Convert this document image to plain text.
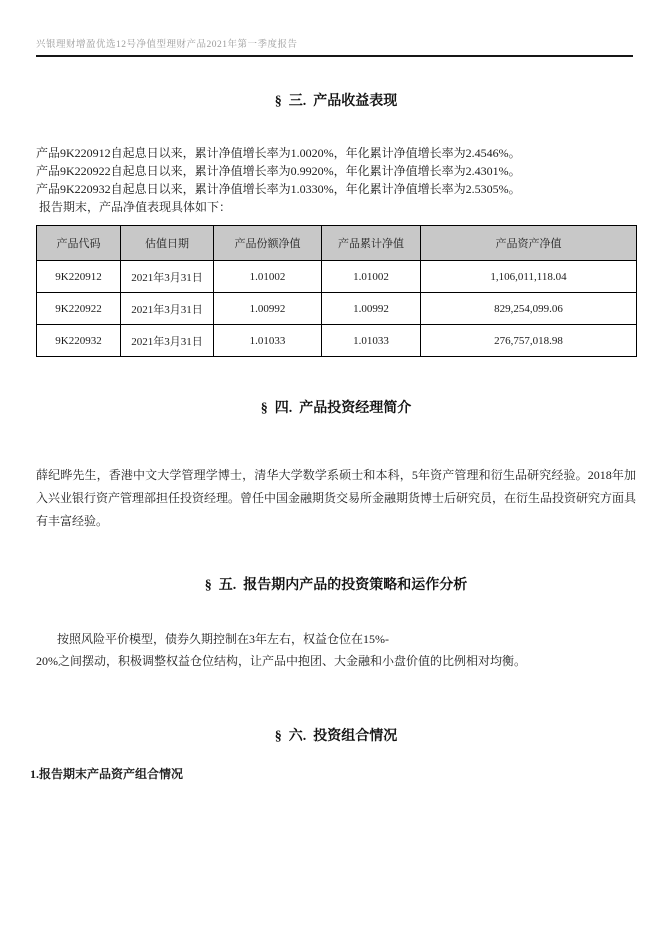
兴银理财增盈优选12号净值型理财产品2021年第一季度报告
§  三.  产品收益表现
产品9K220912自起息日以来，累计净值增长率为1.0020%，年化累计净值增长率为2.4546%。
产品9K220922自起息日以来，累计净值增长率为0.9920%，年化累计净值增长率为2.4301%。
产品9K220932自起息日以来，累计净值增长率为1.0330%，年化累计净值增长率为2.5305%。
报告期末，产品净值表现具体如下：
产品代码	估值日期	产品份额净值	产品累计净值	产品资产净值
9K220912	2021年3月31日	1.01002	1.01002	1,106,011,118.04
9K220922	2021年3月31日	1.00992	1.00992	829,254,099.06
9K220932	2021年3月31日	1.01033	1.01033	276,757,018.98
§  四.  产品投资经理简介
薛纪晔先生，香港中文大学管理学博士，清华大学数学系硕士和本科，5年资产管理和衍生品研究经验。2018年加入兴业银行资产管理部担任投资经理。曾任中国金融期货交易所金融期货博士后研究员，在衍生品投资研究方面具有丰富经验。
§  五.  报告期内产品的投资策略和运作分析
按照风险平价模型，债券久期控制在3年左右，权益仓位在15%-
20%之间摆动，积极调整权益仓位结构，让产品中抱团、大金融和小盘价值的比例相对均衡。
§  六.  投资组合情况
1.报告期末产品资产组合情况
